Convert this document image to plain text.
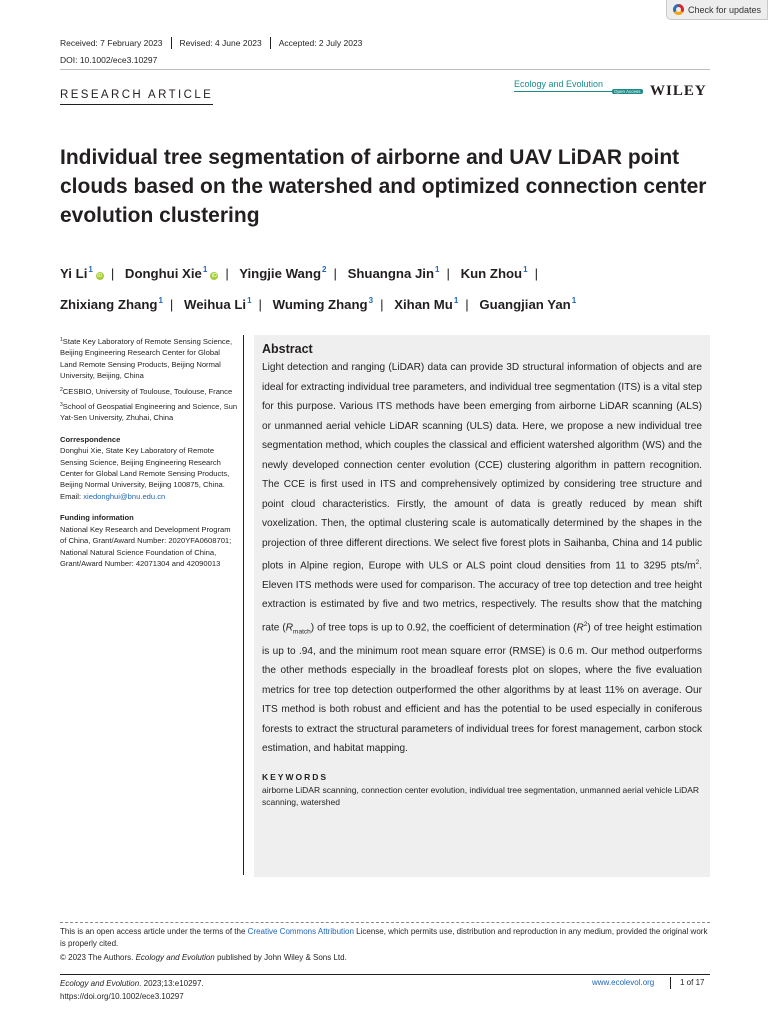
Check for updates
Received: 7 February 2023	Revised: 4 June 2023	Accepted: 2 July 2023
DOI: 10.1002/ece3.10297
RESEARCH ARTICLE
Ecology and Evolution
Open Access WILEY
Individual tree segmentation of airborne and UAV LiDAR point clouds based on the watershed and optimized connection center evolution clustering
Yi Li$^1$iD | Donghui Xie$^1$iD | Yingjie Wang$^2$ | Shuangna Jin$^1$ | Kun Zhou$^1$ |
Zhixiang Zhang$^1$ | Weihua Li$^1$ | Wuming Zhang$^3$ | Xihan Mu$^1$ | Guangjian Yan$^1$

$^1$State Key Laboratory of Remote Sensing Science, Beijing Engineering Research Center for Global Land Remote Sensing Products, Beijing Normal University, Beijing, China

$^2$CESBIO, University of Toulouse, Toulouse, France

$^3$School of Geospatial Engineering and Science, Sun Yat-Sen University, Zhuhai, China

Correspondence

Donghui Xie, State Key Laboratory of Remote Sensing Science, Beijing Engineering Research Center for Global Land Remote Sensing Products, Beijing Normal University, Beijing 100875, China.
Email: xiedonghui@bnu.edu.cn

Funding information

National Key Research and Development Program of China, Grant/Award Number: 2020YFA0608701; National Natural Science Foundation of China, Grant/Award Number: 42071304 and 42090013

Abstract

Light detection and ranging (LiDAR) data can provide 3D structural information of objects and are ideal for extracting individual tree parameters, and individual tree segmentation (ITS) is a vital step for this purpose. Various ITS methods have been emerging from airborne LiDAR scanning (ALS) or unmanned aerial vehicle LiDAR scanning (ULS) data. Here, we propose a new individual tree segmentation method, which couples the classical and efficient watershed algorithm (WS) and the newly developed connection center evolution (CCE) clustering algorithm in pattern recognition. The CCE is first used in ITS and comprehensively optimized by considering tree structure and point cloud characteristics. Firstly, the amount of data is greatly reduced by mean shift voxelization. Then, the optimal clustering scale is automatically determined by the shapes in the projection of three different directions. We select five forest plots in Saihanba, China and 14 public plots in Alpine region, Europe with ULS or ALS point cloud densities from 11 to 3295 pts/$m^2$. Eleven ITS methods were used for comparison. The accuracy of tree top detection and tree height extraction is estimated by five and two metrics, respectively. The results show that the matching rate $(R_{match})$ of tree tops is up to 0.92, the coefficient of determination $(R^2)$ of tree height estimation is up to .94, and the minimum root mean square error (RMSE) is 0.6 m. Our method outperforms the other methods especially in the broadleaf forests plot on slopes, where the five evaluation metrics for tree top detection outperformed the other algorithms by at least 11% on average. Our ITS method is both robust and efficient and has the potential to be used especially in coniferous forests to extract the structural parameters of individual trees for forest management, carbon stock estimation, and habitat mapping.

KEYWORDS
airborne LiDAR scanning, connection center evolution, individual tree segmentation, unmanned aerial vehicle LiDAR scanning, watershed
This is an open access article under the terms of the Creative Commons Attribution License, which permits use, distribution and reproduction in any medium, provided the original work is properly cited.
© 2023 The Authors. Ecology and Evolution published by John Wiley & Sons Ltd.
Ecology and Evolution. 2023;13:e10297.
https://doi.org/10.1002/ece3.10297
www.ecolevol.org	1 of 17
